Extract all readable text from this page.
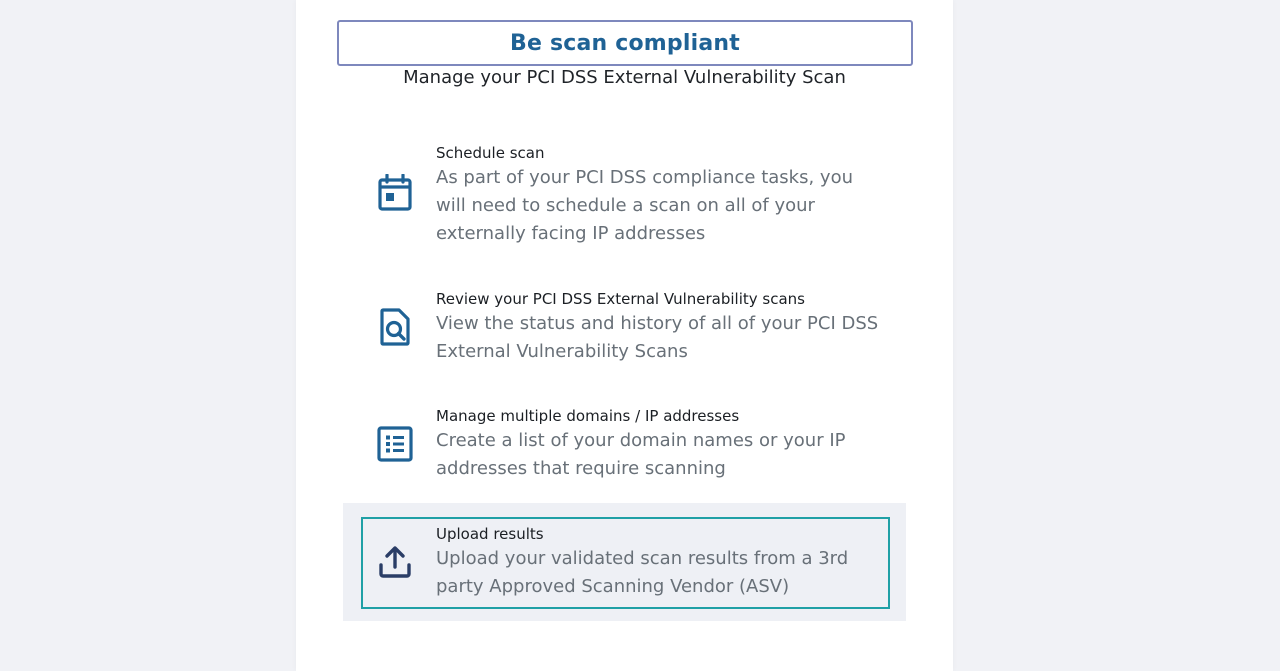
Be scan compliant
Manage your PCI DSS External Vulnerability Scan
Schedule scan
As part of your PCI DSS compliance tasks, you will need to schedule a scan on all of your externally facing IP addresses
Review your PCI DSS External Vulnerability scans
View the status and history of all of your PCI DSS External Vulnerability Scans
Manage multiple domains / IP addresses
Create a list of your domain names or your IP addresses that require scanning
Upload results
Upload your validated scan results from a 3rd party Approved Scanning Vendor (ASV)
